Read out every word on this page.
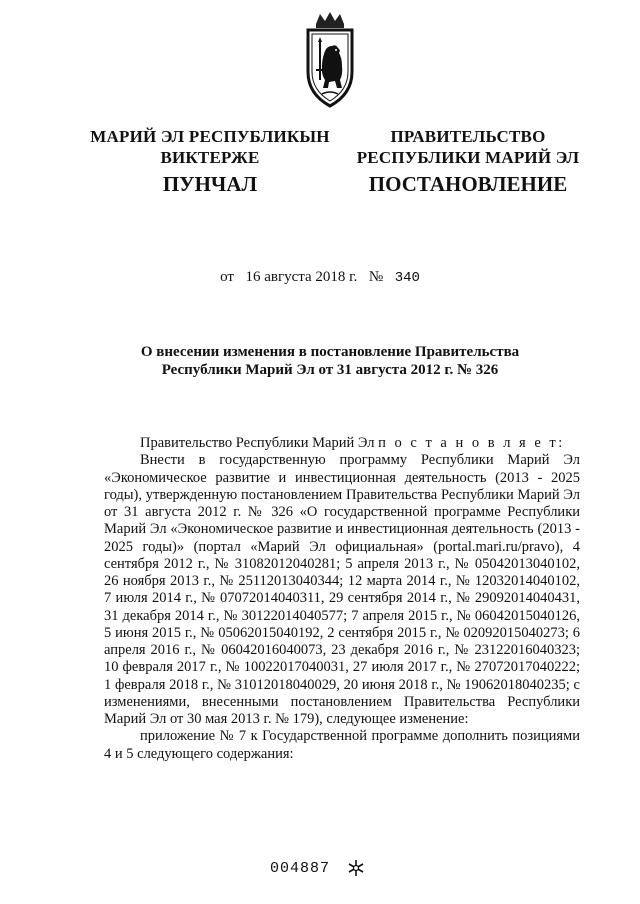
МАРИЙ ЭЛ РЕСПУБЛИКЫН
ВИКТЕРЖЕ
ПУНЧАЛ
ПРАВИТЕЛЬСТВО
РЕСПУБЛИКИ МАРИЙ ЭЛ
ПОСТАНОВЛЕНИЕ
от 16 августа 2018 г. № 340
О внесении изменения в постановление Правительства
Республики Марий Эл от 31 августа 2012 г. № 326

Правительство Республики Марий Эл п о с т а н о в л я е т:

Внести в государственную программу Республики Марий Эл «Экономическое развитие и инвестиционная деятельность (2013 - 2025 годы), утвержденную постановлением Правительства Республики Марий Эл от 31 августа 2012 г. № 326 «О государственной программе Республики Марий Эл «Экономическое развитие и инвестиционная деятельность (2013 - 2025 годы)» (портал «Марий Эл официальная» (portal.mari.ru/pravo), 4 сентября 2012 г., № 31082012040281; 5 апреля 2013 г., № 05042013040102, 26 ноября 2013 г., № 25112013040344; 12 марта 2014 г., № 12032014040102, 7 июля 2014 г., № 07072014040311, 29 сентября 2014 г., № 29092014040431, 31 декабря 2014 г., № 30122014040577; 7 апреля 2015 г., № 06042015040126, 5 июня 2015 г., № 05062015040192, 2 сентября 2015 г., № 02092015040273; 6 апреля 2016 г., № 06042016040073, 23 декабря 2016 г., № 23122016040323; 10 февраля 2017 г., № 10022017040031, 27 июля 2017 г., № 27072017040222; 1 февраля 2018 г., № 31012018040029, 20 июня 2018 г., № 19062018040235; с изменениями, внесенными постановлением Правительства Республики Марий Эл от 30 мая 2013 г. № 179), следующее изменение:

приложение № 7 к Государственной программе дополнить позициями 4 и 5 следующего содержания:

004887
